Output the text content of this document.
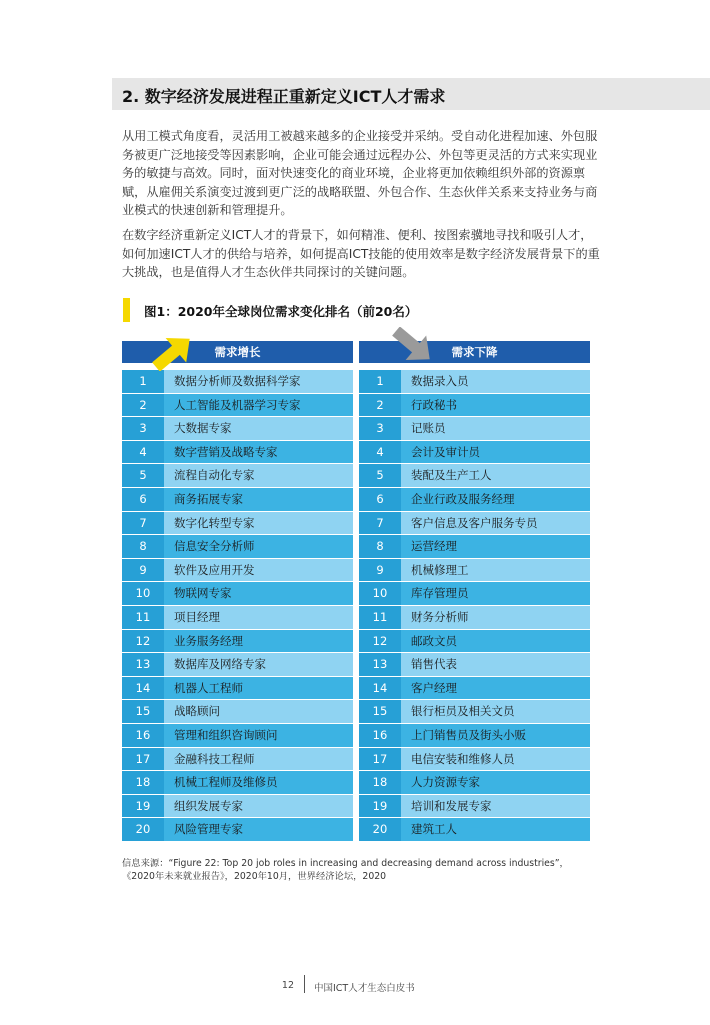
2. 数字经济发展进程正重新定义ICT人才需求

从用工模式角度看，灵活用工被越来越多的企业接受并采纳。受自动化进程加速、外包服务被更广泛地接受等因素影响，企业可能会通过远程办公、外包等更灵活的方式来实现业务的敏捷与高效。同时，面对快速变化的商业环境，企业将更加依赖组织外部的资源禀赋，从雇佣关系演变过渡到更广泛的战略联盟、外包合作、生态伙伴关系来支持业务与商业模式的快速创新和管理提升。

在数字经济重新定义ICT人才的背景下，如何精准、便利、按图索骥地寻找和吸引人才，如何加速ICT人才的供给与培养，如何提高ICT技能的使用效率是数字经济发展背景下的重大挑战，也是值得人才生态伙伴共同探讨的关键问题。

图1：2020年全球岗位需求变化排名（前20名）
需求增长
1	数据分析师及数据科学家
2	人工智能及机器学习专家
3	大数据专家
4	数字营销及战略专家
5	流程自动化专家
6	商务拓展专家
7	数字化转型专家
8	信息安全分析师
9	软件及应用开发
10	物联网专家
11	项目经理
12	业务服务经理
13	数据库及网络专家
14	机器人工程师
15	战略顾问
16	管理和组织咨询顾问
17	金融科技工程师
18	机械工程师及维修员
19	组织发展专家
20	风险管理专家
需求下降
1	数据录入员
2	行政秘书
3	记账员
4	会计及审计员
5	装配及生产工人
6	企业行政及服务经理
7	客户信息及客户服务专员
8	运营经理
9	机械修理工
10	库存管理员
11	财务分析师
12	邮政文员
13	销售代表
14	客户经理
15	银行柜员及相关文员
16	上门销售员及街头小贩
17	电信安装和维修人员
18	人力资源专家
19	培训和发展专家
20	建筑工人
信息来源：“Figure 22: Top 20 job roles in increasing and decreasing demand across industries”，《2020年未来就业报告》，2020年10月，世界经济论坛，2020
12 中国ICT人才生态白皮书
